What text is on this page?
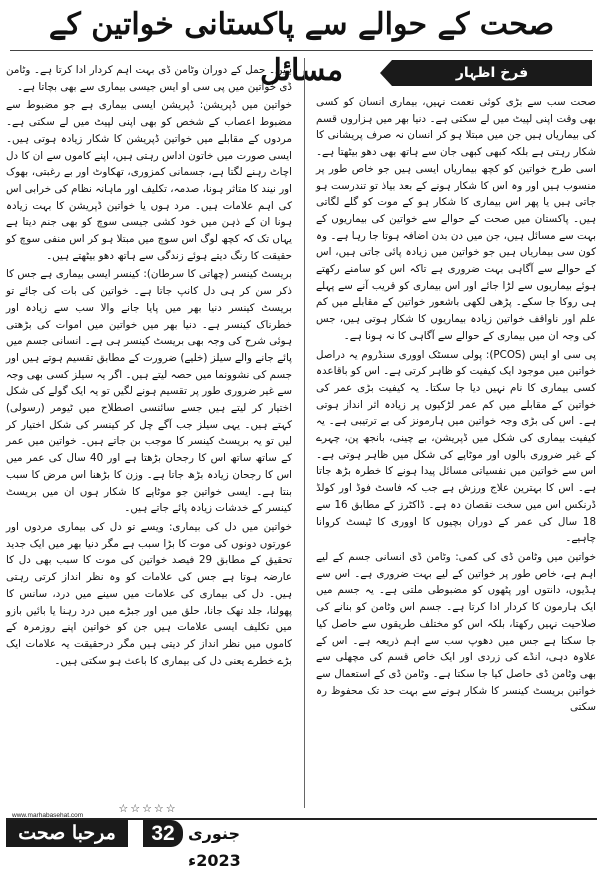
صحت کے حوالے سے پاکستانی خواتین کے مسائل	فرخ اظہار

صحت سب سے بڑی کوئی نعمت نہیں، بیماری انسان کو کسی بھی وقت اپنی لپیٹ میں لے سکتی ہے۔ دنیا بھر میں ہزاروں قسم کی بیماریاں ہیں جن میں مبتلا ہو کر انسان نہ صرف پریشانی کا شکار رہتی ہے بلکہ کبھی کبھی جان سے ہاتھ بھی دھو بیٹھتا ہے۔ اسی طرح خواتین کو کچھ بیماریاں ایسی ہیں جو خاص طور پر منسوب ہیں اور وہ اس کا شکار ہونے کے بعد بیاذ تو تندرست ہو جاتی ہیں یا پھر اس بیماری کا شکار ہو کے موت کو گلے لگاتی ہیں۔ پاکستان میں صحت کے حوالے سے خواتین کی بیماریوں کے بہت سے مسائل ہیں، جن میں دن بدن اضافہ ہوتا جا رہا ہے۔ وہ کون سی بیماریاں ہیں جو خواتین میں زیادہ پائی جاتی ہیں، اس کے حوالے سے آگاہی بہت ضروری ہے تاکہ اس کو سامنے رکھتے ہوئے بیماریوں سے لڑا جائے اور اس بیماری کو قریب آنے سے پہلے ہی روکا جا سکے۔ پڑھی لکھی باشعور خواتین کے مقابلے میں کم علم اور ناواقف خواتین زیادہ بیماریوں کا شکار ہوتی ہیں، جس کی وجہ ان میں بیماری کے حوالے سے آگاہی کا نہ ہونا ہے۔

پی سی او ایس (PCOS): پولی سسٹک اووری سنڈروم یہ دراصل خواتین میں موجود ایک کیفیت کو ظاہر کرتی ہے۔ اس کو باقاعدہ کسی بیماری کا نام نہیں دیا جا سکتا۔ یہ کیفیت بڑی عمر کی خواتین کے مقابلے میں کم عمر لڑکیوں پر زیادہ اثر انداز ہوتی ہے۔ اس کی بڑی وجہ خواتین میں ہارمونز کی بے ترتیبی ہے۔ یہ کیفیت بیماری کی شکل میں ڈپریشن، بے چینی، بانجھ پن، چہرے کے غیر ضروری بالوں اور موٹاپے کی شکل میں ظاہر ہوتی ہے۔ اس سے خواتین میں نفسیاتی مسائل پیدا ہونے کا خطرہ بڑھ جاتا ہے۔ اس کا بہترین علاج ورزش ہے جب کہ فاسٹ فوڈ اور کولڈ ڈرنکس اس میں سخت نقصان دہ ہے۔ ڈاکٹرز کے مطابق 16 سے 18 سال کی عمر کے دوران بچیوں کا اووری کا ٹیسٹ کروانا چاہیے۔

خواتین میں وٹامن ڈی کی کمی: وٹامن ڈی انسانی جسم کے لیے اہم ہے، خاص طور پر خواتین کے لیے بہت ضروری ہے۔ اس سے ہڈیوں، دانتوں اور پٹھوں کو مضبوطی ملتی ہے۔ یہ جسم میں ایک ہارمون کا کردار ادا کرتا ہے۔ جسم اس وٹامن کو بنانے کی صلاحیت نہیں رکھتا، بلکہ اس کو مختلف طریقوں سے حاصل کیا جا سکتا ہے جس میں دھوپ سب سے اہم ذریعہ ہے۔ اس کے علاوہ دہی، انڈے کی زردی اور ایک خاص قسم کی مچھلی سے بھی وٹامن ڈی حاصل کیا جا سکتا ہے۔ وٹامن ڈی کے استعمال سے خواتین بریسٹ کینسر کا شکار ہونے سے بہت حد تک محفوظ رہ سکتی

ہیں۔ حمل کے دوران وٹامن ڈی بہت اہم کردار ادا کرتا ہے۔ وٹامن ڈی خواتین میں پی سی او ایس جیسی بیماری سے بھی بچاتا ہے۔

خواتین میں ڈپریشن: ڈپریشن ایسی بیماری ہے جو مضبوط سے مضبوط اعصاب کے شخص کو بھی اپنی لپیٹ میں لے سکتی ہے۔ مردوں کے مقابلے میں خواتین ڈپریشن کا شکار زیادہ ہوتی ہیں۔ ایسی صورت میں خاتون اداس رہتی ہیں، اپنے کاموں سے ان کا دل اچاٹ رہنے لگتا ہے، جسمانی کمزوری، تھکاوٹ اور بے رغبتی، بھوک اور نیند کا متاثر ہونا، صدمہ، تکلیف اور ماہانہ نظام کی خرابی اس کی اہم علامات ہیں۔ مرد ہوں یا خواتین ڈپریشن کا بہت زیادہ ہونا ان کے ذہن میں خود کشی جیسی سوچ کو بھی جنم دیتا ہے یہاں تک کہ کچھ لوگ اس سوچ میں مبتلا ہو کر اس منفی سوچ کو حقیقت کا رنگ دیتے ہوئے زندگی سے ہاتھ دھو بیٹھتے ہیں۔

بریسٹ کینسر (چھاتی کا سرطان): کینسر ایسی بیماری ہے جس کا ذکر سن کر ہی دل کانپ جاتا ہے۔ خواتین کی بات کی جائے تو بریسٹ کینسر دنیا بھر میں پایا جانے والا سب سے زیادہ اور خطرناک کینسر ہے۔ دنیا بھر میں خواتین میں اموات کی بڑھتی ہوئی شرح کی وجہ بھی بریسٹ کینسر ہی ہے۔ انسانی جسم میں پائے جانے والے سیلز (خلیے) ضرورت کے مطابق تقسیم ہوتے ہیں اور جسم کی نشوونما میں حصہ لیتے ہیں۔ اگر یہ سیلز کسی بھی وجہ سے غیر ضروری طور پر تقسیم ہونے لگیں تو یہ ایک گولے کی شکل اختیار کر لیتے ہیں جسے سائنسی اصطلاح میں ٹیومر (رسولی) کہتے ہیں۔ یہی سیلز جب آگے چل کر کینسر کی شکل اختیار کر لیں تو یہ بریسٹ کینسر کا موجب بن جاتے ہیں۔ خواتین میں عمر کے ساتھ ساتھ اس کا رجحان بڑھتا ہے اور 40 سال کی عمر میں اس کا رجحان زیادہ بڑھ جاتا ہے۔ وزن کا بڑھنا اس مرض کا سبب بنتا ہے۔ ایسی خواتین جو موٹاپے کا شکار ہوں ان میں بریسٹ کینسر کے خدشات زیادہ پائے جاتے ہیں۔

خواتین میں دل کی بیماری: ویسے تو دل کی بیماری مردوں اور عورتوں دونوں کی موت کا بڑا سبب ہے مگر دنیا بھر میں ایک جدید تحقیق کے مطابق 29 فیصد خواتین کی موت کا سبب بھی دل کا عارضہ ہوتا ہے جس کی علامات کو وہ نظر انداز کرتی رہتی ہیں۔ دل کی بیماری کی علامات میں سینے میں درد، سانس کا پھولنا، جلد تھک جانا، حلق میں اور جبڑے میں درد رہنا یا بائیں بازو میں تکلیف ایسی علامات ہیں جن کو خواتین اپنے روزمرہ کے کاموں میں نظر انداز کر دیتی ہیں مگر درحقیقت یہ علامات ایک بڑے خطرے یعنی دل کی بیماری کا باعث ہو سکتی ہیں۔

☆☆☆☆☆
مرحبا صحت
www.marhabasehat.com
32 جنوری 2023ء
